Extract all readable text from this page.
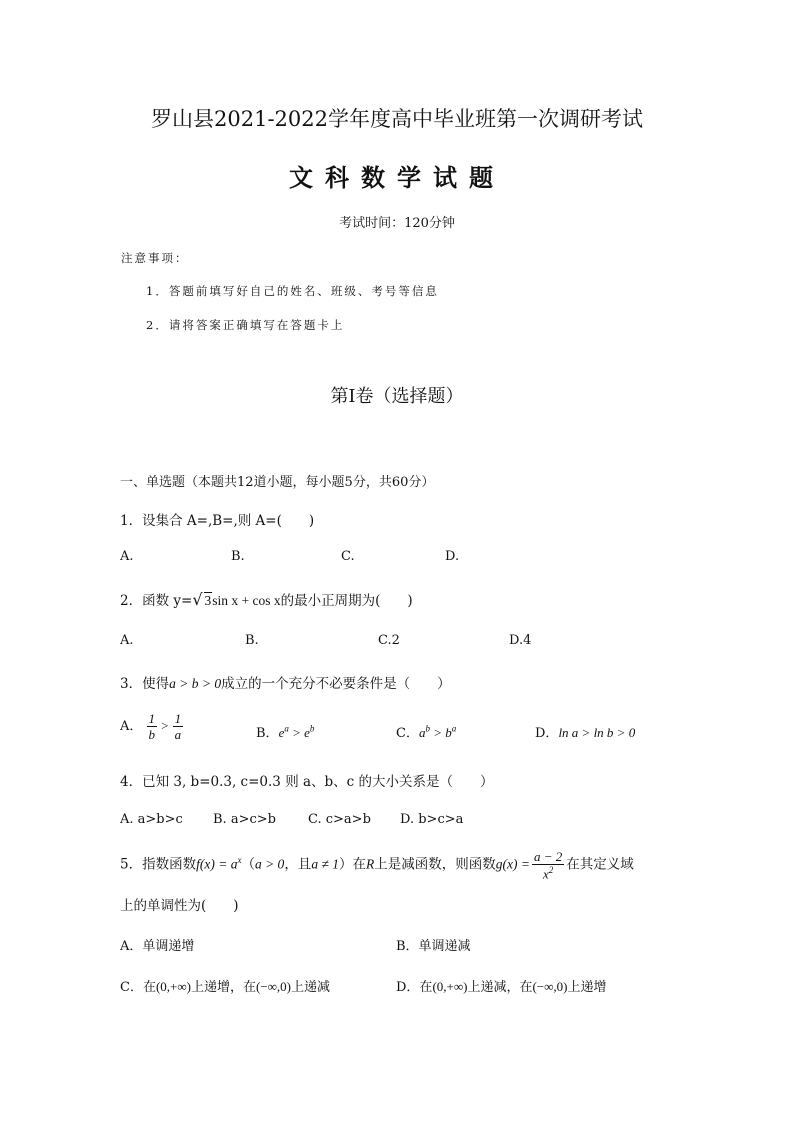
罗山县2021-2022学年度高中毕业班第一次调研考试
文科数学试题
考试时间：120分钟
注意事项：
1．答题前填写好自己的姓名、班级、考号等信息
2．请将答案正确填写在答题卡上
第I卷（选择题）
一、单选题（本题共12道小题，每小题5分，共60分）
1．设集合 A=,B=,则 A=(　　)
A.	B.	C.	D.
2．函数 y=√ 3sin x + cos x的最小正周期为(　　)
A.	B.	C.2	D.4
3．使得a > b > 0成立的一个充分不必要条件是（　　）
A． $\frac{1}{b} > \frac{1}{a}$	B．$e^a > e^b$	C．$a^b > b^a$	D．ln a > ln b > 0
4．已知 3, b=0.3, c=0.3 则 a、b、c 的大小关系是（　　）
A. a>b>c B. a>c>b C. c>a>b D. b>c>a
5．指数函数$f(x) = a^x(a > 0$，且a ≠ 1）在R上是减函数，则函数$g(x) = \frac{a - 2}{x^2}$ 在其定义域
上的单调性为(　　)
A．单调递增	B．单调递减
C．在(0,+∞)上递增，在(−∞,0)上递减	D．在(0,+∞)上递减，在(−∞,0)上递增
